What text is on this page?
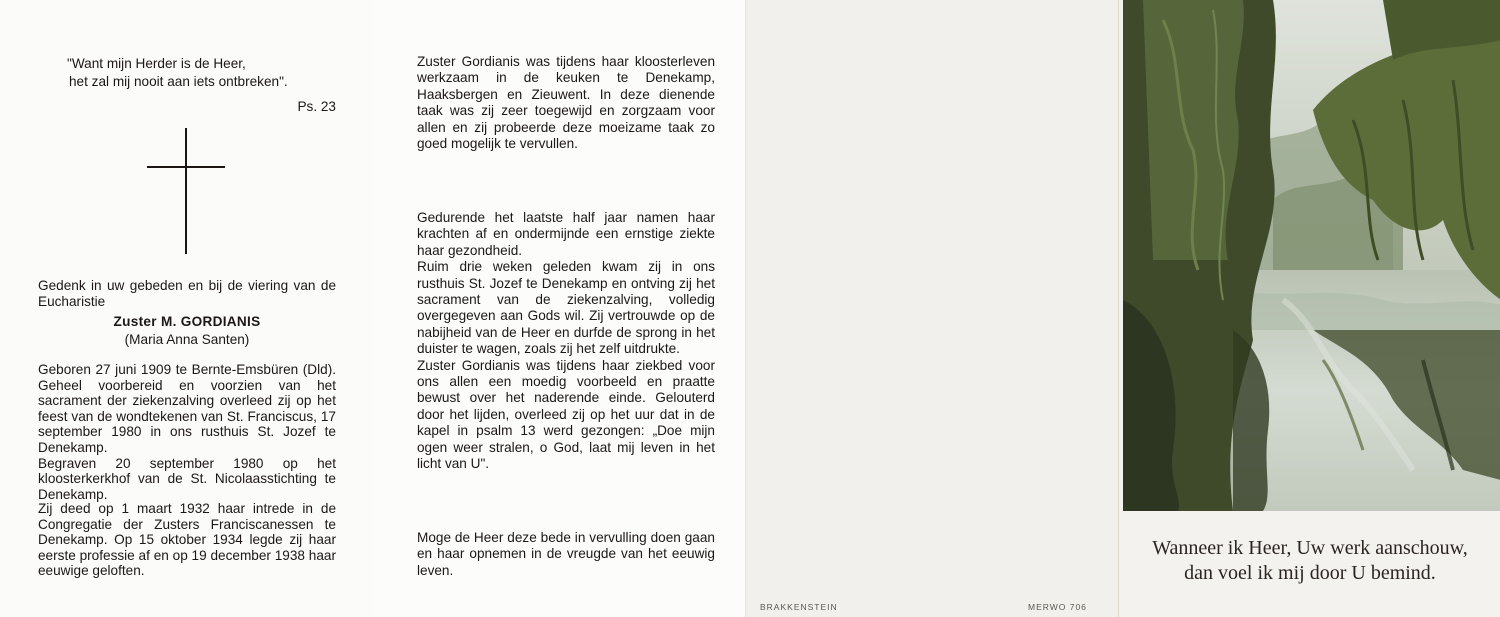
"Want mijn Herder is de Heer,
het zal mij nooit aan iets ontbreken".
Ps. 23
Gedenk in uw gebeden en bij de viering van de Eucharistie
Zuster M. GORDIANIS
(Maria Anna Santen)

Geboren 27 juni 1909 te Bernte-Emsbüren (Dld). Geheel voorbereid en voorzien van het sacrament der ziekenzalving overleed zij op het feest van de wondtekenen van St. Franciscus, 17 september 1980 in ons rusthuis St. Jozef te Denekamp.

Begraven 20 september 1980 op het kloosterkerkhof van de St. Nicolaasstichting te Denekamp.

Zij deed op 1 maart 1932 haar intrede in de Congregatie der Zusters Franciscanessen te Denekamp. Op 15 oktober 1934 legde zij haar eerste professie af en op 19 december 1938 haar eeuwige geloften.

Zuster Gordianis was tijdens haar kloosterleven werkzaam in de keuken te Denekamp, Haaksbergen en Zieuwent. In deze dienende taak was zij zeer toegewijd en zorgzaam voor allen en zij probeerde deze moeizame taak zo goed mogelijk te vervullen.

Gedurende het laatste half jaar namen haar krachten af en ondermijnde een ernstige ziekte haar gezondheid.

Ruim drie weken geleden kwam zij in ons rusthuis St. Jozef te Denekamp en ontving zij het sacrament van de ziekenzalving, volledig overgegeven aan Gods wil. Zij vertrouwde op de nabijheid van de Heer en durfde de sprong in het duister te wagen, zoals zij het zelf uitdrukte.

Zuster Gordianis was tijdens haar ziekbed voor ons allen een moedig voorbeeld en praatte bewust over het naderende einde. Gelouterd door het lijden, overleed zij op het uur dat in de kapel in psalm 13 werd gezongen: „Doe mijn ogen weer stralen, o God, laat mij leven in het licht van U".

Moge de Heer deze bede in vervulling doen gaan en haar opnemen in de vreugde van het eeuwig leven.

BRAKKENSTEIN	MERWO 706
Wanneer ik Heer, Uw werk aanschouw,
dan voel ik mij door U bemind.
